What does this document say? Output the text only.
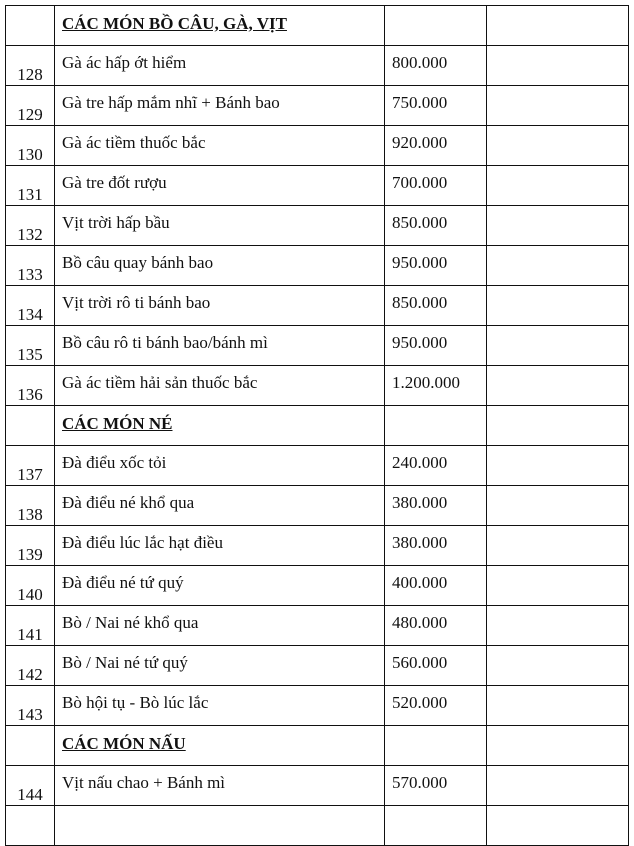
	CÁC MÓN BỒ CÂU, GÀ, VỊT		
128	Gà ác hấp ớt hiểm	800.000	
129	Gà tre hấp mắm nhĩ + Bánh bao	750.000	
130	Gà ác tiềm thuốc bắc	920.000	
131	Gà tre đốt rượu	700.000	
132	Vịt trời hấp bầu	850.000	
133	Bồ câu quay bánh bao	950.000	
134	Vịt trời rô ti bánh bao	850.000	
135	Bồ câu rô ti bánh bao/bánh mì	950.000	
136	Gà ác tiềm hải sản thuốc bắc	1.200.000	
	CÁC MÓN NÉ		
137	Đà điểu xốc tỏi	240.000	
138	Đà điểu né khổ qua	380.000	
139	Đà điểu lúc lắc hạt điều	380.000	
140	Đà điểu né tứ quý	400.000	
141	Bò / Nai né khổ qua	480.000	
142	Bò / Nai né tứ quý	560.000	
143	Bò hội tụ - Bò lúc lắc	520.000	
	CÁC MÓN NẤU		
144	Vịt nấu chao + Bánh mì	570.000	
